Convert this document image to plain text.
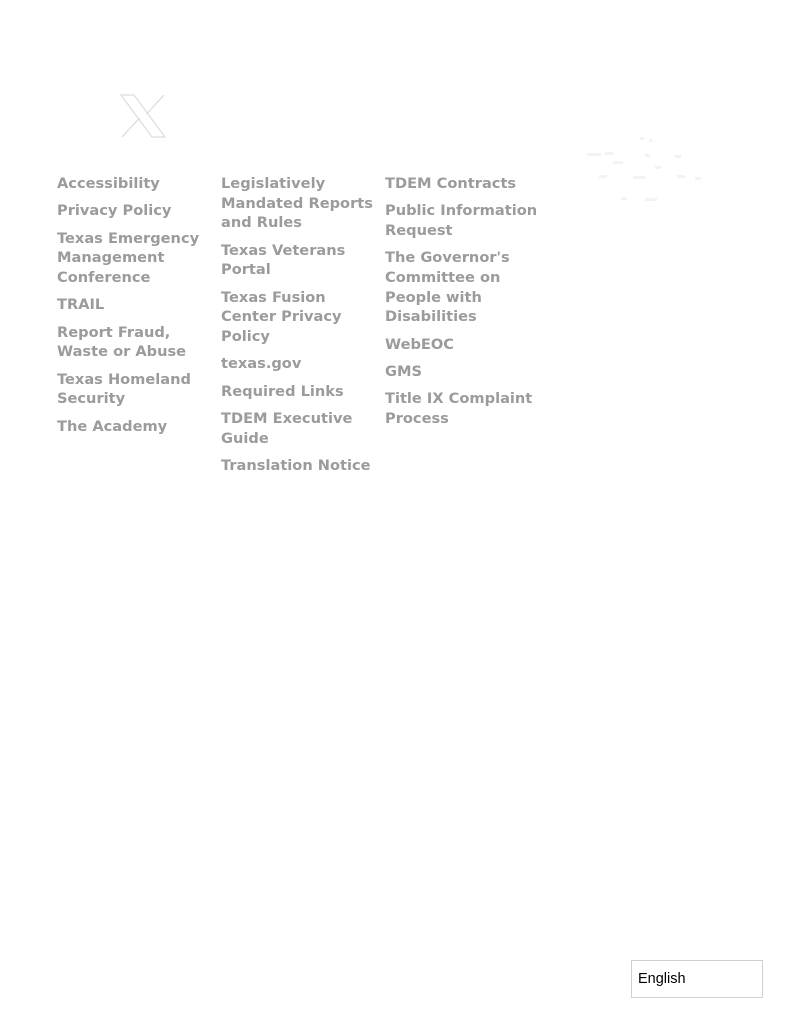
Accessibility
Privacy Policy
Texas Emergency Management Conference
TRAIL
Report Fraud, Waste or Abuse
Texas Homeland Security
The Academy
Legislatively Mandated Reports and Rules
Texas Veterans Portal
Texas Fusion Center Privacy Policy
texas.gov
Required Links
TDEM Executive Guide
Translation Notice
TDEM Contracts
Public Information Request
The Governor's Committee on People with Disabilities
WebEOC
GMS
Title IX Complaint Process
English
